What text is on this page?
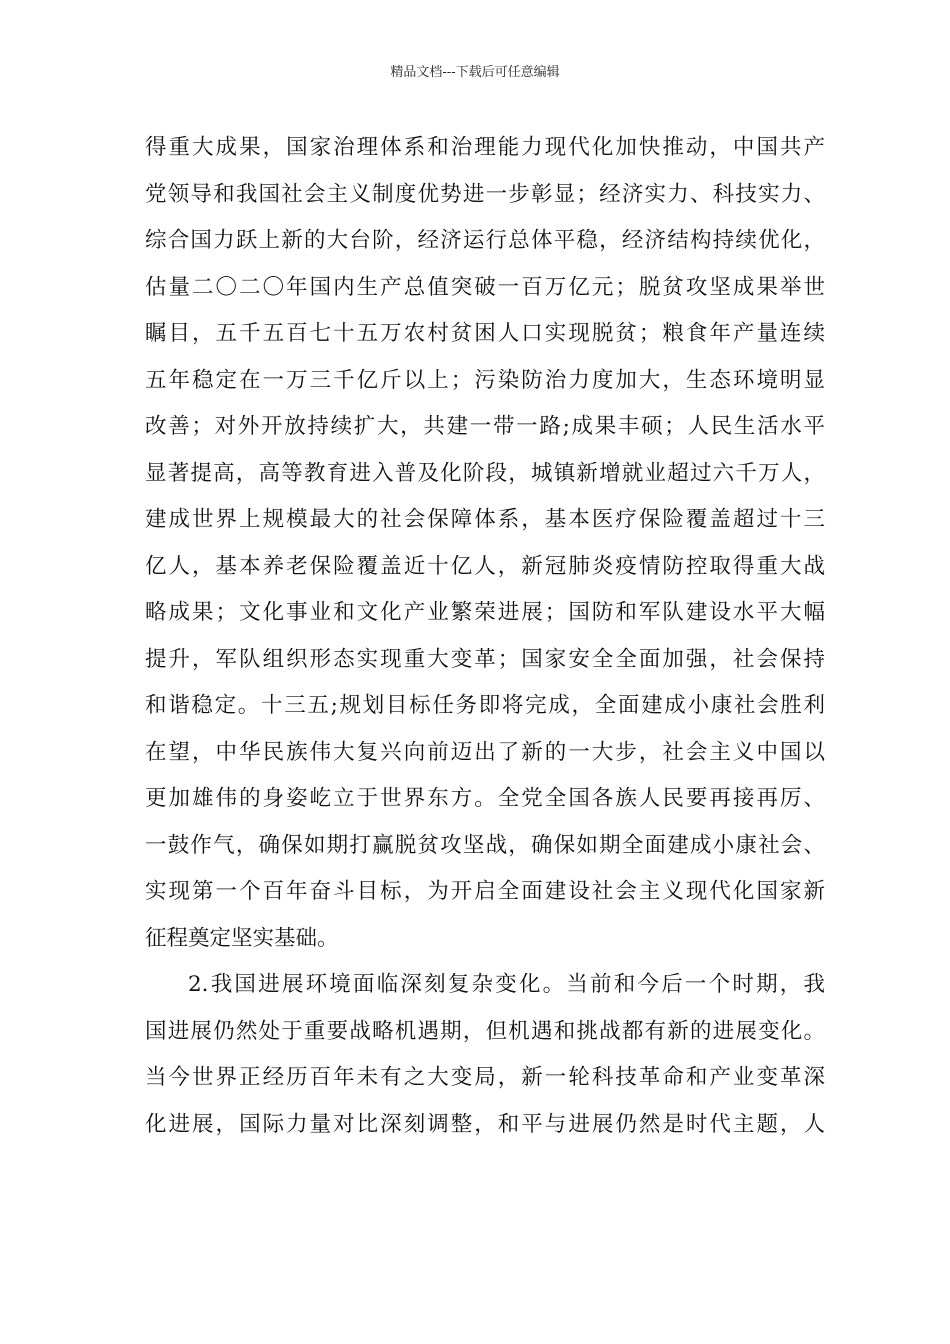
精品文档---下载后可任意编辑
得重大成果，国家治理体系和治理能力现代化加快推动，中国共产
党领导和我国社会主义制度优势进一步彰显；经济实力、科技实力、
综合国力跃上新的大台阶，经济运行总体平稳，经济结构持续优化，
估量二〇二〇年国内生产总值突破一百万亿元；脱贫攻坚成果举世
瞩目，五千五百七十五万农村贫困人口实现脱贫；粮食年产量连续
五年稳定在一万三千亿斤以上；污染防治力度加大，生态环境明显
改善；对外开放持续扩大，共建一带一路;成果丰硕；人民生活水平
显著提高，高等教育进入普及化阶段，城镇新增就业超过六千万人，
建成世界上规模最大的社会保障体系，基本医疗保险覆盖超过十三
亿人，基本养老保险覆盖近十亿人，新冠肺炎疫情防控取得重大战
略成果；文化事业和文化产业繁荣进展；国防和军队建设水平大幅
提升，军队组织形态实现重大变革；国家安全全面加强，社会保持
和谐稳定。十三五;规划目标任务即将完成，全面建成小康社会胜利
在望，中华民族伟大复兴向前迈出了新的一大步，社会主义中国以
更加雄伟的身姿屹立于世界东方。全党全国各族人民要再接再厉、
一鼓作气，确保如期打赢脱贫攻坚战，确保如期全面建成小康社会、
实现第一个百年奋斗目标，为开启全面建设社会主义现代化国家新
征程奠定坚实基础。
2.我国进展环境面临深刻复杂变化。当前和今后一个时期，我
国进展仍然处于重要战略机遇期，但机遇和挑战都有新的进展变化。
当今世界正经历百年未有之大变局，新一轮科技革命和产业变革深
化进展，国际力量对比深刻调整，和平与进展仍然是时代主题，人
